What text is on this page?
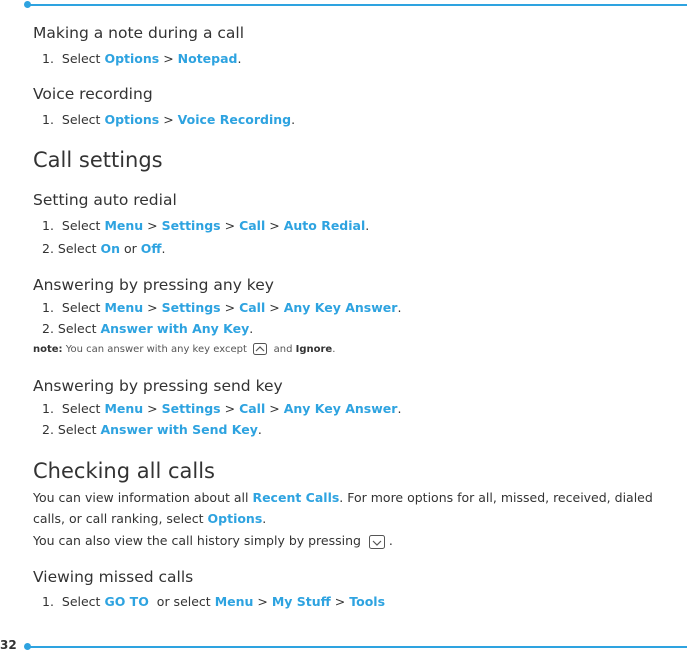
32
Making a note during a call
1. Select Options > Notepad.
Voice recording
1. Select Options > Voice Recording.
Call settings
Setting auto redial
1. Select Menu > Settings > Call > Auto Redial.
2. Select On or Off.
Answering by pressing any key
1. Select Menu > Settings > Call > Any Key Answer.
2. Select Answer with Any Key.
note: You can answer with any key except	and Ignore.
Answering by pressing send key
1. Select Menu > Settings > Call > Any Key Answer.
2. Select Answer with Send Key.
Checking all calls
You can view information about all Recent Calls. For more options for all, missed, received, dialed
calls, or call ranking, select Options.
You can also view the call history simply by pressing .
Viewing missed calls
1. Select GO TO or select Menu > My Stuff > Tools
